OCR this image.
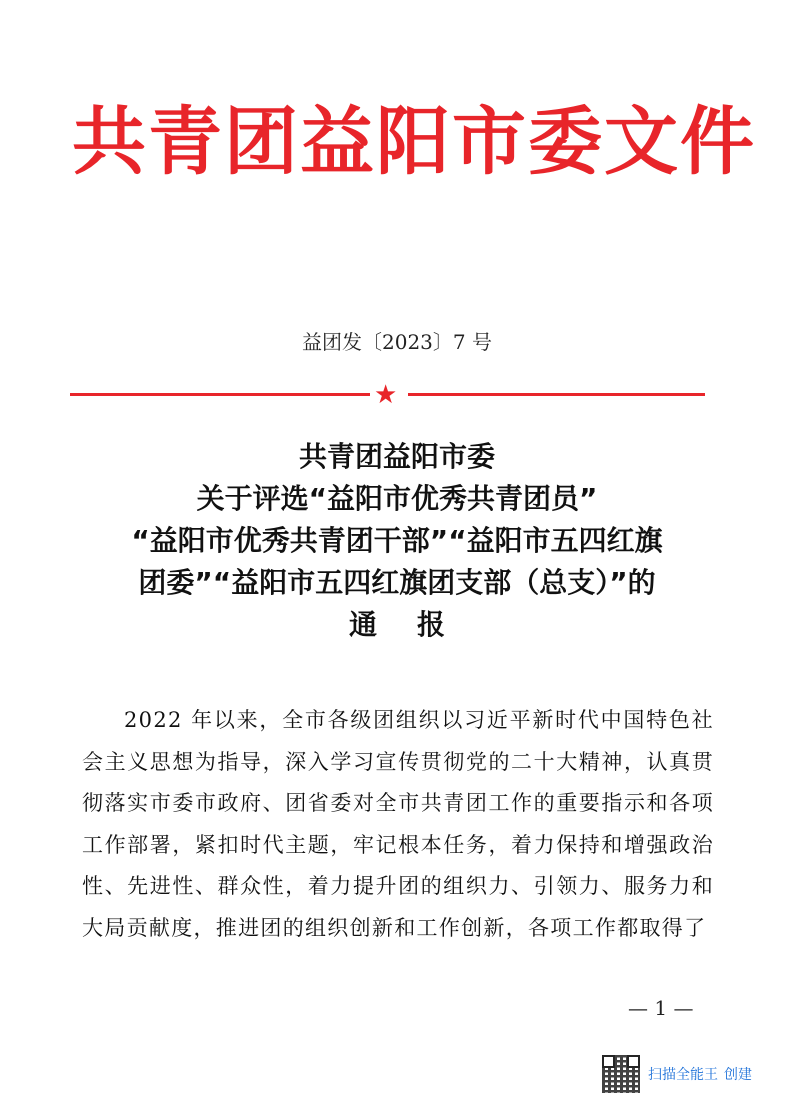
共青团益阳市委文件
益团发〔2023〕7 号
★
共青团益阳市委
关于评选“益阳市优秀共青团员”
“益阳市优秀共青团干部”“益阳市五四红旗
团委”“益阳市五四红旗团支部（总支）”的
通报

2022 年以来，全市各级团组织以习近平新时代中国特色社会主义思想为指导，深入学习宣传贯彻党的二十大精神，认真贯彻落实市委市政府、团省委对全市共青团工作的重要指示和各项工作部署，紧扣时代主题，牢记根本任务，着力保持和增强政治性、先进性、群众性，着力提升团的组织力、引领力、服务力和大局贡献度，推进团的组织创新和工作创新，各项工作都取得了

— 1 —
扫描全能王 创建
